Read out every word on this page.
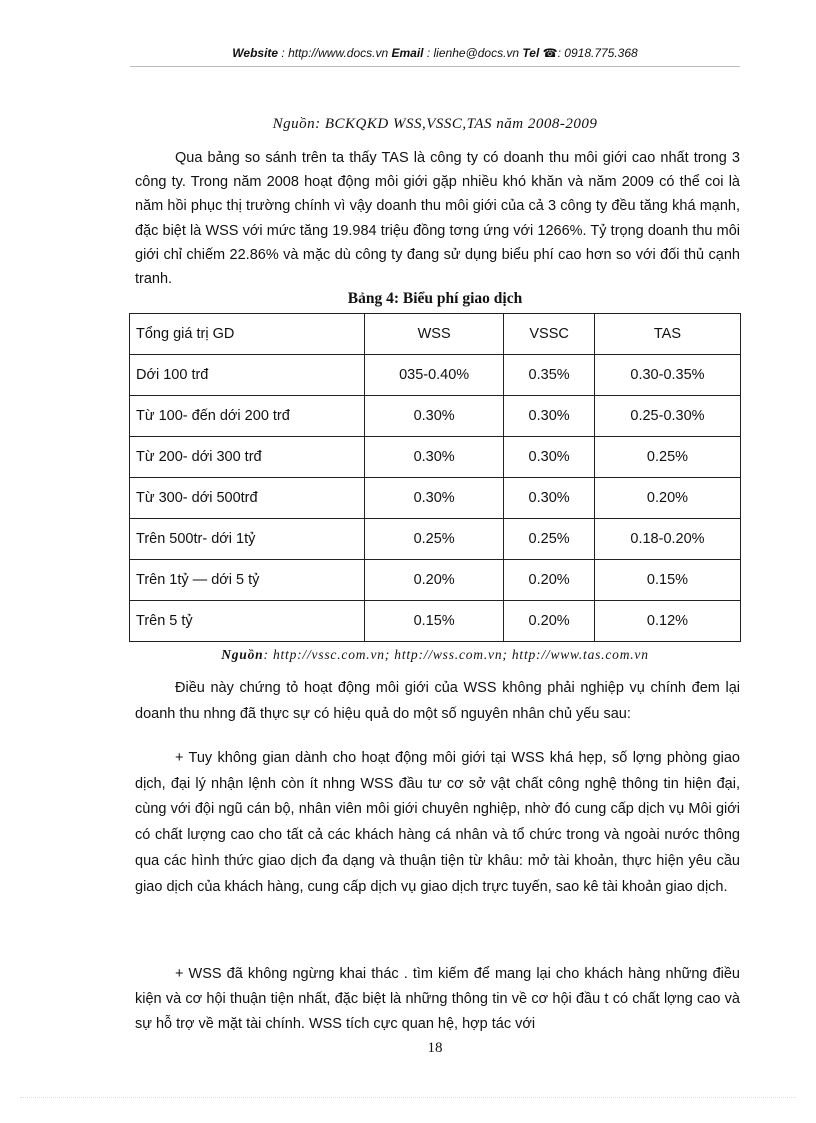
Website : http://www.docs.vn Email : lienhe@docs.vn Tel ☎: 0918.775.368
Nguồn: BCKQKD WSS,VSSC,TAS năm 2008-2009

Qua bảng so sánh trên ta thấy TAS là công ty có doanh thu môi giới cao nhất trong 3 công ty. Trong năm 2008 hoạt động môi giới gặp nhiều khó khăn và năm 2009 có thể coi là năm hồi phục thị trường chính vì vậy doanh thu môi giới của cả 3 công ty đều tăng khá mạnh, đặc biệt là WSS với mức tăng 19.984 triệu đồng tơng ứng với 1266%. Tỷ trọng doanh thu môi giới chỉ chiếm 22.86% và mặc dù công ty đang sử dụng biểu phí cao hơn so với đối thủ cạnh tranh.

Bảng 4: Biểu phí giao dịch
Tổng giá trị GD	WSS	VSSC	TAS
Dới 100 trđ	035-0.40%	0.35%	0.30-0.35%
Từ 100- đến dới 200 trđ	0.30%	0.30%	0.25-0.30%
Từ 200- dới 300 trđ	0.30%	0.30%	0.25%
Từ 300- dới 500trđ	0.30%	0.30%	0.20%
Trên 500tr- dới 1tỷ	0.25%	0.25%	0.18-0.20%
Trên 1tỷ — dới 5 tỷ	0.20%	0.20%	0.15%
Trên 5 tỷ	0.15%	0.20%	0.12%
Nguồn: http://vssc.com.vn; http://wss.com.vn; http://www.tas.com.vn

Điều này chứng tỏ hoạt động môi giới của WSS không phải nghiệp vụ chính đem lại doanh thu nhng đã thực sự có hiệu quả do một số nguyên nhân chủ yếu sau:

+ Tuy không gian dành cho hoạt động môi giới tại WSS khá hẹp, số lợng phòng giao dịch, đại lý nhận lệnh còn ít nhng WSS đầu tư cơ sở vật chất công nghệ thông tin hiện đại, cùng với đội ngũ cán bộ, nhân viên môi giới chuyên nghiệp, nhờ đó cung cấp dịch vụ Môi giới có chất lượng cao cho tất cả các khách hàng cá nhân và tổ chức trong và ngoài nước thông qua các hình thức giao dịch đa dạng và thuận tiện từ khâu: mở tài khoản, thực hiện yêu cầu giao dịch của khách hàng, cung cấp dịch vụ giao dịch trực tuyến, sao kê tài khoản giao dịch.

+ WSS đã không ngừng khai thác . tìm kiếm để mang lại cho khách hàng những điều kiện và cơ hội thuận tiện nhất, đặc biệt là những thông tin về cơ hội đầu t có chất lợng cao và sự hỗ trợ về mặt tài chính. WSS tích cực quan hệ, hợp tác với

18
